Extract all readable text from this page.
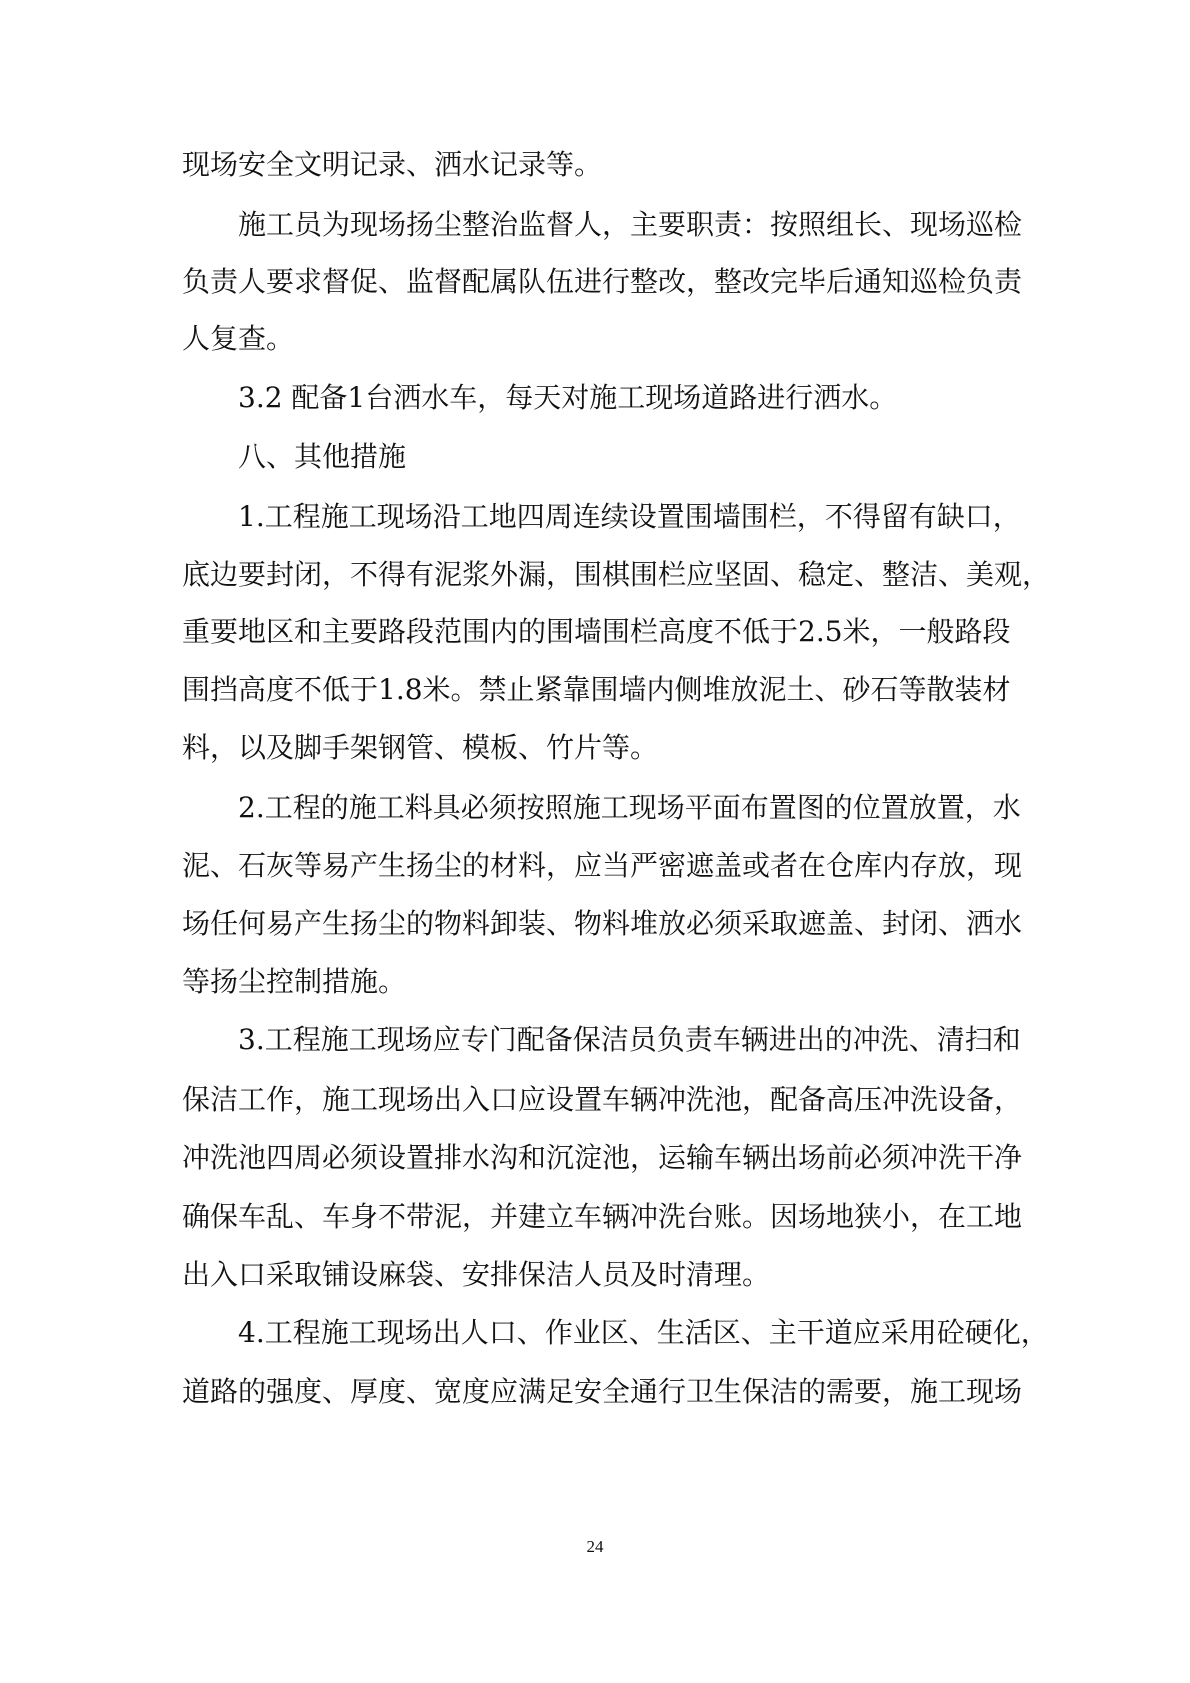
现场安全文明记录、洒水记录等。
施工员为现场扬尘整治监督人，主要职责：按照组长、现场巡检
负责人要求督促、监督配属队伍进行整改，整改完毕后通知巡检负责
人复查。
3.2 配备1台洒水车，每天对施工现场道路进行洒水。
八、其他措施
1.工程施工现场沿工地四周连续设置围墙围栏，不得留有缺口，
底边要封闭，不得有泥浆外漏，围棋围栏应坚固、稳定、整洁、美观，
重要地区和主要路段范围内的围墙围栏高度不低于2.5米，一般路段
围挡高度不低于1.8米。禁止紧靠围墙内侧堆放泥土、砂石等散装材
料，以及脚手架钢管、模板、竹片等。
2.工程的施工料具必须按照施工现场平面布置图的位置放置，水
泥、石灰等易产生扬尘的材料，应当严密遮盖或者在仓库内存放，现
场任何易产生扬尘的物料卸装、物料堆放必须采取遮盖、封闭、洒水
等扬尘控制措施。
3.工程施工现场应专门配备保洁员负责车辆进出的冲洗、清扫和
保洁工作，施工现场出入口应设置车辆冲洗池，配备高压冲洗设备，
冲洗池四周必须设置排水沟和沉淀池，运输车辆出场前必须冲洗干净
确保车乱、车身不带泥，并建立车辆冲洗台账。因场地狭小，在工地
出入口采取铺设麻袋、安排保洁人员及时清理。
4.工程施工现场出人口、作业区、生活区、主干道应采用砼硬化，
道路的强度、厚度、宽度应满足安全通行卫生保洁的需要，施工现场
24
